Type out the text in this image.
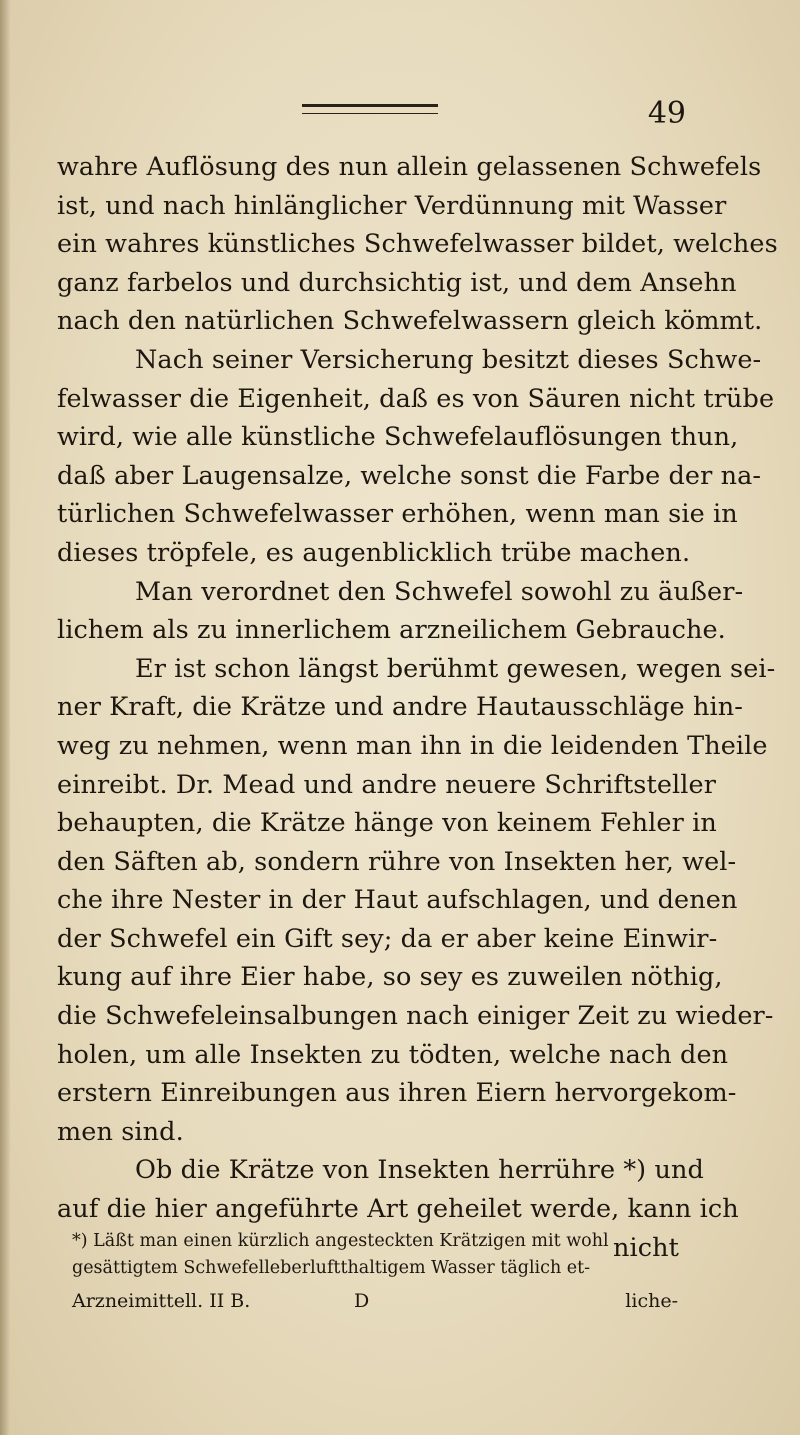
49
wahre Auflösung des nun allein gelassenen Schwefels
ist, und nach hinlänglicher Verdünnung mit Wasser
ein wahres künstliches Schwefelwasser bildet, welches
ganz farbelos und durchsichtig ist, und dem Ansehn
nach den natürlichen Schwefelwassern gleich kömmt.
Nach seiner Versicherung besitzt dieses Schwe-
felwasser die Eigenheit, daß es von Säuren nicht trübe
wird, wie alle künstliche Schwefelauflösungen thun,
daß aber Laugensalze, welche sonst die Farbe der na-
türlichen Schwefelwasser erhöhen, wenn man sie in
dieses tröpfele, es augenblicklich trübe machen.
Man verordnet den Schwefel sowohl zu äußer-
lichem als zu innerlichem arzneilichem Gebrauche.
Er ist schon längst berühmt gewesen, wegen sei-
ner Kraft, die Krätze und andre Hautausschläge hin-
weg zu nehmen, wenn man ihn in die leidenden Theile
einreibt. Dr. Mead und andre neuere Schriftsteller
behaupten, die Krätze hänge von keinem Fehler in
den Säften ab, sondern rühre von Insekten her, wel-
che ihre Nester in der Haut aufschlagen, und denen
der Schwefel ein Gift sey; da er aber keine Einwir-
kung auf ihre Eier habe, so sey es zuweilen nöthig,
die Schwefeleinsalbungen nach einiger Zeit zu wieder-
holen, um alle Insekten zu tödten, welche nach den
erstern Einreibungen aus ihren Eiern hervorgekom-
men sind.
Ob die Krätze von Insekten herrühre *) und
auf die hier angeführte Art geheilet werde, kann ich
nicht
*) Läßt man einen kürzlich angesteckten Krätzigen mit wohl
gesättigtem Schwefelleberluftthaltigem Wasser täglich et-
Arzneimittell. II B.	D	liche-
